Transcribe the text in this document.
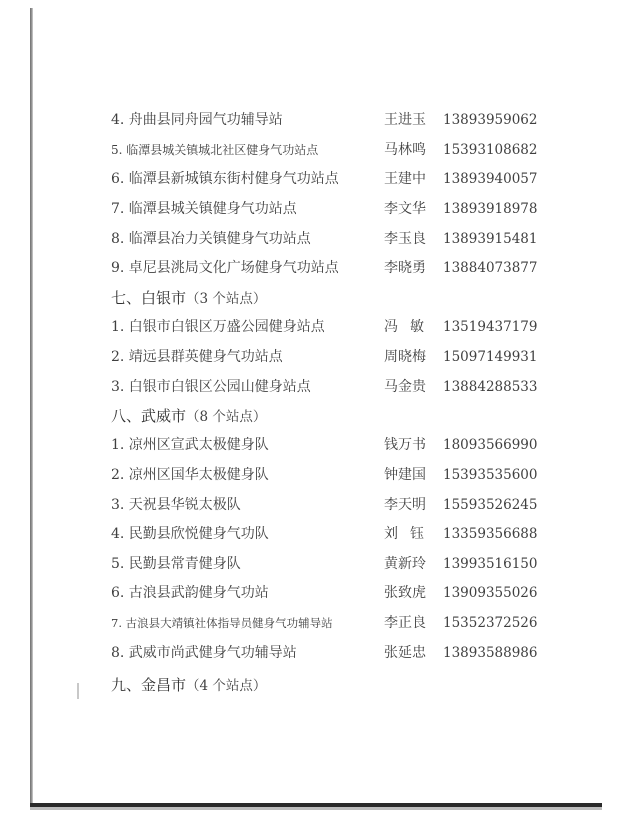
4. 舟曲县同舟园气功辅导站	王进玉 13893959062
5. 临潭县城关镇城北社区健身气功站点	马林鸣 15393108682
6. 临潭县新城镇东街村健身气功站点	王建中 13893940057
7. 临潭县城关镇健身气功站点	李文华 13893918978
8. 临潭县冶力关镇健身气功站点	李玉良 13893915481
9. 卓尼县洮局文化广场健身气功站点	李晓勇 13884073877
七、白银市（3 个站点）
1. 白银市白银区万盛公园健身站点	冯敏 13519437179
2. 靖远县群英健身气功站点	周晓梅 15097149931
3. 白银市白银区公园山健身站点	马金贵 13884288533
八、武威市（8 个站点）
1. 凉州区宣武太极健身队	钱万书 18093566990
2. 凉州区国华太极健身队	钟建国 15393535600
3. 天祝县华锐太极队	李天明 15593526245
4. 民勤县欣悦健身气功队	刘钰 13359356688
5. 民勤县常青健身队	黄新玲 13993516150
6. 古浪县武韵健身气功站	张致虎 13909355026
7. 古浪县大靖镇社体指导员健身气功辅导站	李正良 15352372526
8. 武威市尚武健身气功辅导站	张延忠 13893588986
九、金昌市（4 个站点）
